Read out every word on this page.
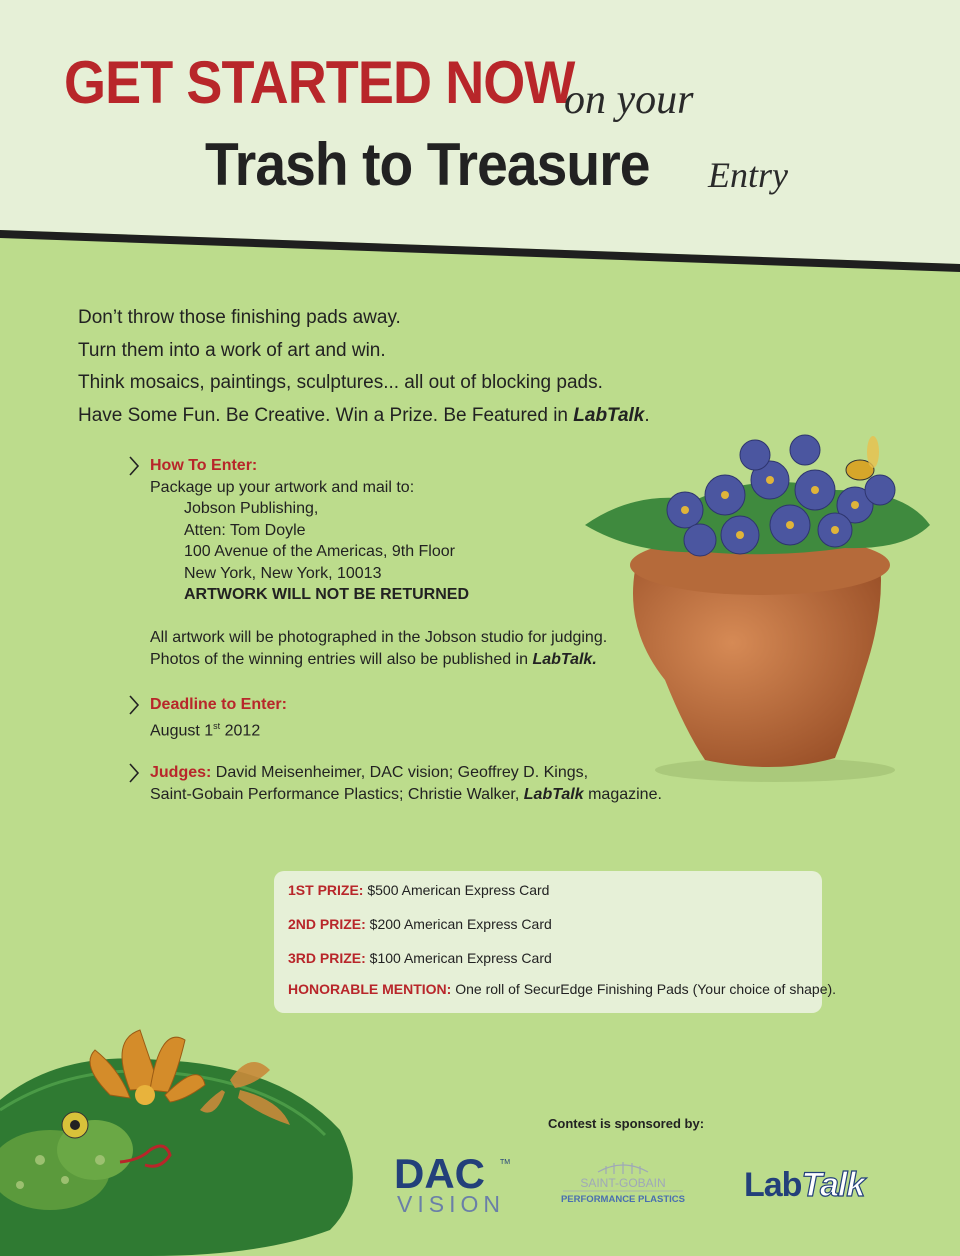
GET STARTED NOW
on your
Trash to Treasure Entry

Don’t throw those finishing pads away.

Turn them into a work of art and win.

Think mosaics, paintings, sculptures... all out of blocking pads.

Have Some Fun. Be Creative. Win a Prize. Be Featured in LabTalk.

How To Enter:
Package up your artwork and mail to:
Jobson Publishing,
Atten: Tom Doyle
100 Avenue of the Americas, 9th Floor
New York, New York, 10013
ARTWORK WILL NOT BE RETURNED
All artwork will be photographed in the Jobson studio for judging.
Photos of the winning entries will also be published in LabTalk.
Deadline to Enter:
August 1st 2012
Judges: David Meisenheimer, DAC vision; Geoffrey D. Kings,
Saint-Gobain Performance Plastics; Christie Walker, LabTalk magazine.
1ST PRIZE: $500 American Express Card
2ND PRIZE: $200 American Express Card
3RD PRIZE: $100 American Express Card
HONORABLE MENTION: One roll of SecurEdge Finishing Pads (Your choice of shape).
Contest is sponsored by:
DAC TM
VISION
SAINT-GOBAIN
PERFORMANCE PLASTICS LabTalk
